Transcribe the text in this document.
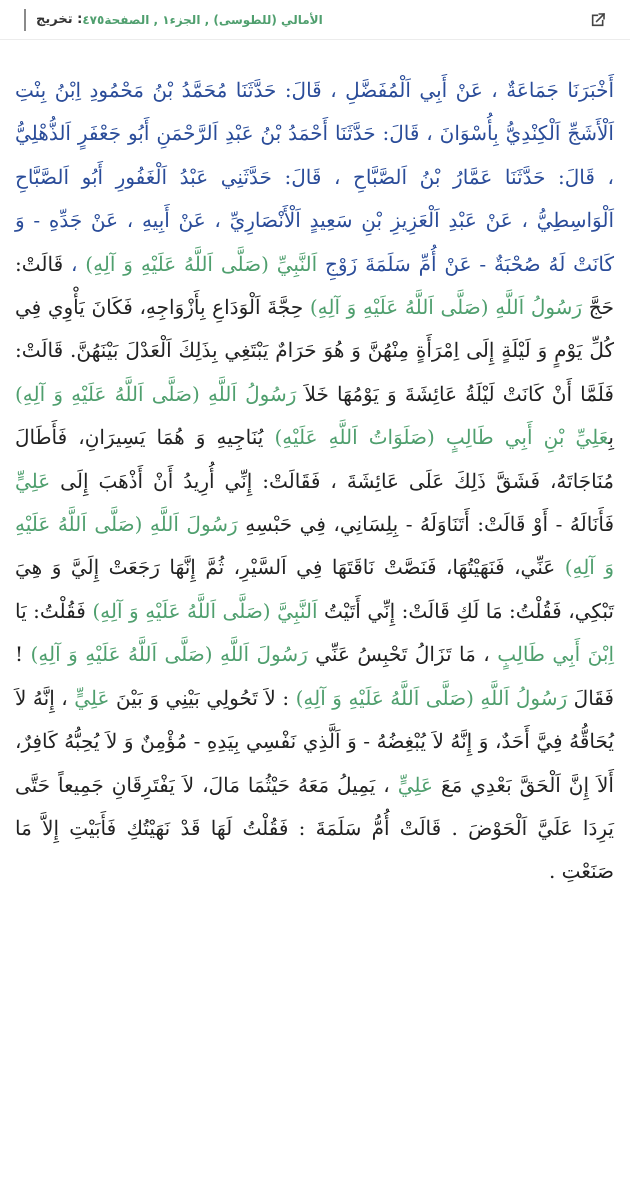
تخريج : الأمالي (للطوسی) , الجزء١ , الصفحة٤٧٥
أَخْبَرَنَا جَمَاعَةٌ ، عَنْ أَبِي اَلْمُفَضَّلِ ، قَالَ: حَدَّثَنَا مُحَمَّدُ بْنُ مَحْمُودِ اِبْنُ بِنْتِ اَلْأَشَجِّ اَلْكِنْدِيُّ بِأُسْوَانَ ، قَالَ: حَدَّثَنَا أَحْمَدُ بْنُ عَبْدِ اَلرَّحْمَنِ أَبُو جَعْفَرٍ اَلذُّهْلِيُّ ، قَالَ: حَدَّثَنَا عَمَّارُ بْنُ اَلصَّبَّاحِ ، قَالَ: حَدَّثَنِي عَبْدُ اَلْغَفُورِ أَبُو اَلصَّبَّاحِ اَلْوَاسِطِيُّ ، عَنْ عَبْدِ اَلْعَزِيزِ بْنِ سَعِيدٍ اَلْأَنْصَارِيِّ ، عَنْ أَبِيهِ ، عَنْ جَدِّهِ - وَ كَانَتْ لَهُ صُحْبَةٌ - عَنْ أُمِّ سَلَمَةَ زَوْجِ اَلنَّبِيِّ (صَلَّى اَللَّهُ عَلَيْهِ وَ آلِهِ) ، قَالَتْ: حَجَّ رَسُولُ اَللَّهِ (صَلَّى اَللَّهُ عَلَيْهِ وَ آلِهِ) حِجَّةَ اَلْوَدَاعِ بِأَزْوَاجِهِ، فَكَانَ يَأْوِي فِي كُلِّ يَوْمٍ وَ لَيْلَةٍ إِلَى اِمْرَأَةٍ مِنْهُنَّ وَ هُوَ حَرَامٌ يَبْتَغِي بِذَلِكَ اَلْعَدْلَ بَيْنَهُنَّ. قَالَتْ: فَلَمَّا أَنْ كَانَتْ لَيْلَةُ عَائِشَةَ وَ يَوْمُهَا خَلاَ رَسُولُ اَللَّهِ (صَلَّى اَللَّهُ عَلَيْهِ وَ آلِهِ) بِعَلِيِّ بْنِ أَبِي طَالِبٍ (صَلَوَاتُ اَللَّهِ عَلَيْهِ) يُنَاجِيهِ وَ هُمَا يَسِيرَانِ، فَأَطَالَ مُنَاجَاتَهُ، فَشَقَّ ذَلِكَ عَلَى عَائِشَةَ ، فَقَالَتْ: إِنِّي أُرِيدُ أَنْ أَذْهَبَ إِلَى عَلِيٍّ فَأَنَالَهُ - أَوْ قَالَتْ: أَتَنَاوَلَهُ - بِلِسَانِي، فِي حَبْسِهِ رَسُولَ اَللَّهِ (صَلَّى اَللَّهُ عَلَيْهِ وَ آلِهِ) عَنِّي، فَنَهَيْتُهَا، فَنَصَّتْ نَاقَتَهَا فِي اَلسَّيْرِ، ثُمَّ إِنَّهَا رَجَعَتْ إِلَيَّ وَ هِيَ تَبْكِي، فَقُلْتُ: مَا لَكِ قَالَتْ: إِنِّي أَتَيْتُ اَلنَّبِيَّ (صَلَّى اَللَّهُ عَلَيْهِ وَ آلِهِ) فَقُلْتُ: يَا اِبْنَ أَبِي طَالِبٍ ، مَا تَزَالُ تَحْبِسُ عَنِّي رَسُولَ اَللَّهِ (صَلَّى اَللَّهُ عَلَيْهِ وَ آلِهِ) ! فَقَالَ رَسُولُ اَللَّهِ (صَلَّى اَللَّهُ عَلَيْهِ وَ آلِهِ) : لاَ تَحُولِي بَيْنِي وَ بَيْنَ عَلِيٍّ ، إِنَّهُ لاَ يُحَاقُّهُ فِيَّ أَحَدٌ، وَ إِنَّهُ لاَ يُبْغِضُهُ - وَ اَلَّذِي نَفْسِي بِيَدِهِ - مُؤْمِنٌ وَ لاَ يُحِبُّهُ كَافِرٌ، أَلاَ إِنَّ اَلْحَقَّ بَعْدِي مَعَ عَلِيٍّ ، يَمِيلُ مَعَهُ حَيْثُمَا مَالَ، لاَ يَفْتَرِقَانِ جَمِيعاً حَتَّى يَرِدَا عَلَيَّ اَلْحَوْضَ . قَالَتْ أُمُّ سَلَمَةَ : فَقُلْتُ لَهَا قَدْ نَهَيْتُكِ فَأَبَيْتِ إِلاَّ مَا صَنَعْتِ .
